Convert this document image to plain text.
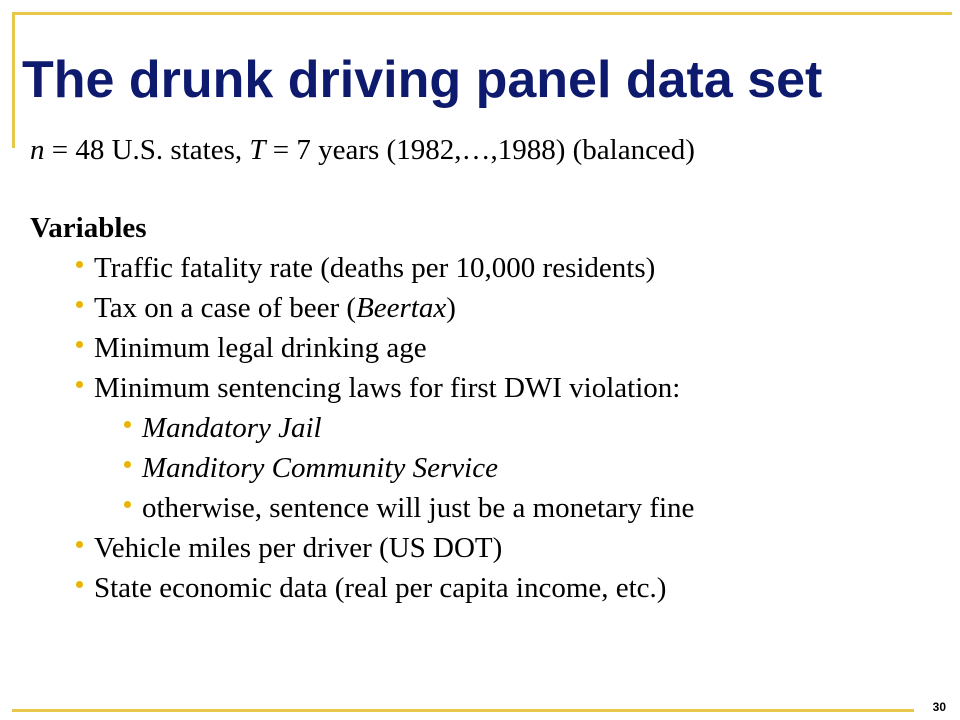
The drunk driving panel data set
n = 48 U.S. states, T = 7 years (1982,…,1988) (balanced)
Variables
Traffic fatality rate (deaths per 10,000 residents)
Tax on a case of beer (Beertax)
Minimum legal drinking age
Minimum sentencing laws for first DWI violation:
Mandatory Jail
Manditory Community Service
otherwise, sentence will just be a monetary fine
Vehicle miles per driver (US DOT)
State economic data (real per capita income, etc.)
30
